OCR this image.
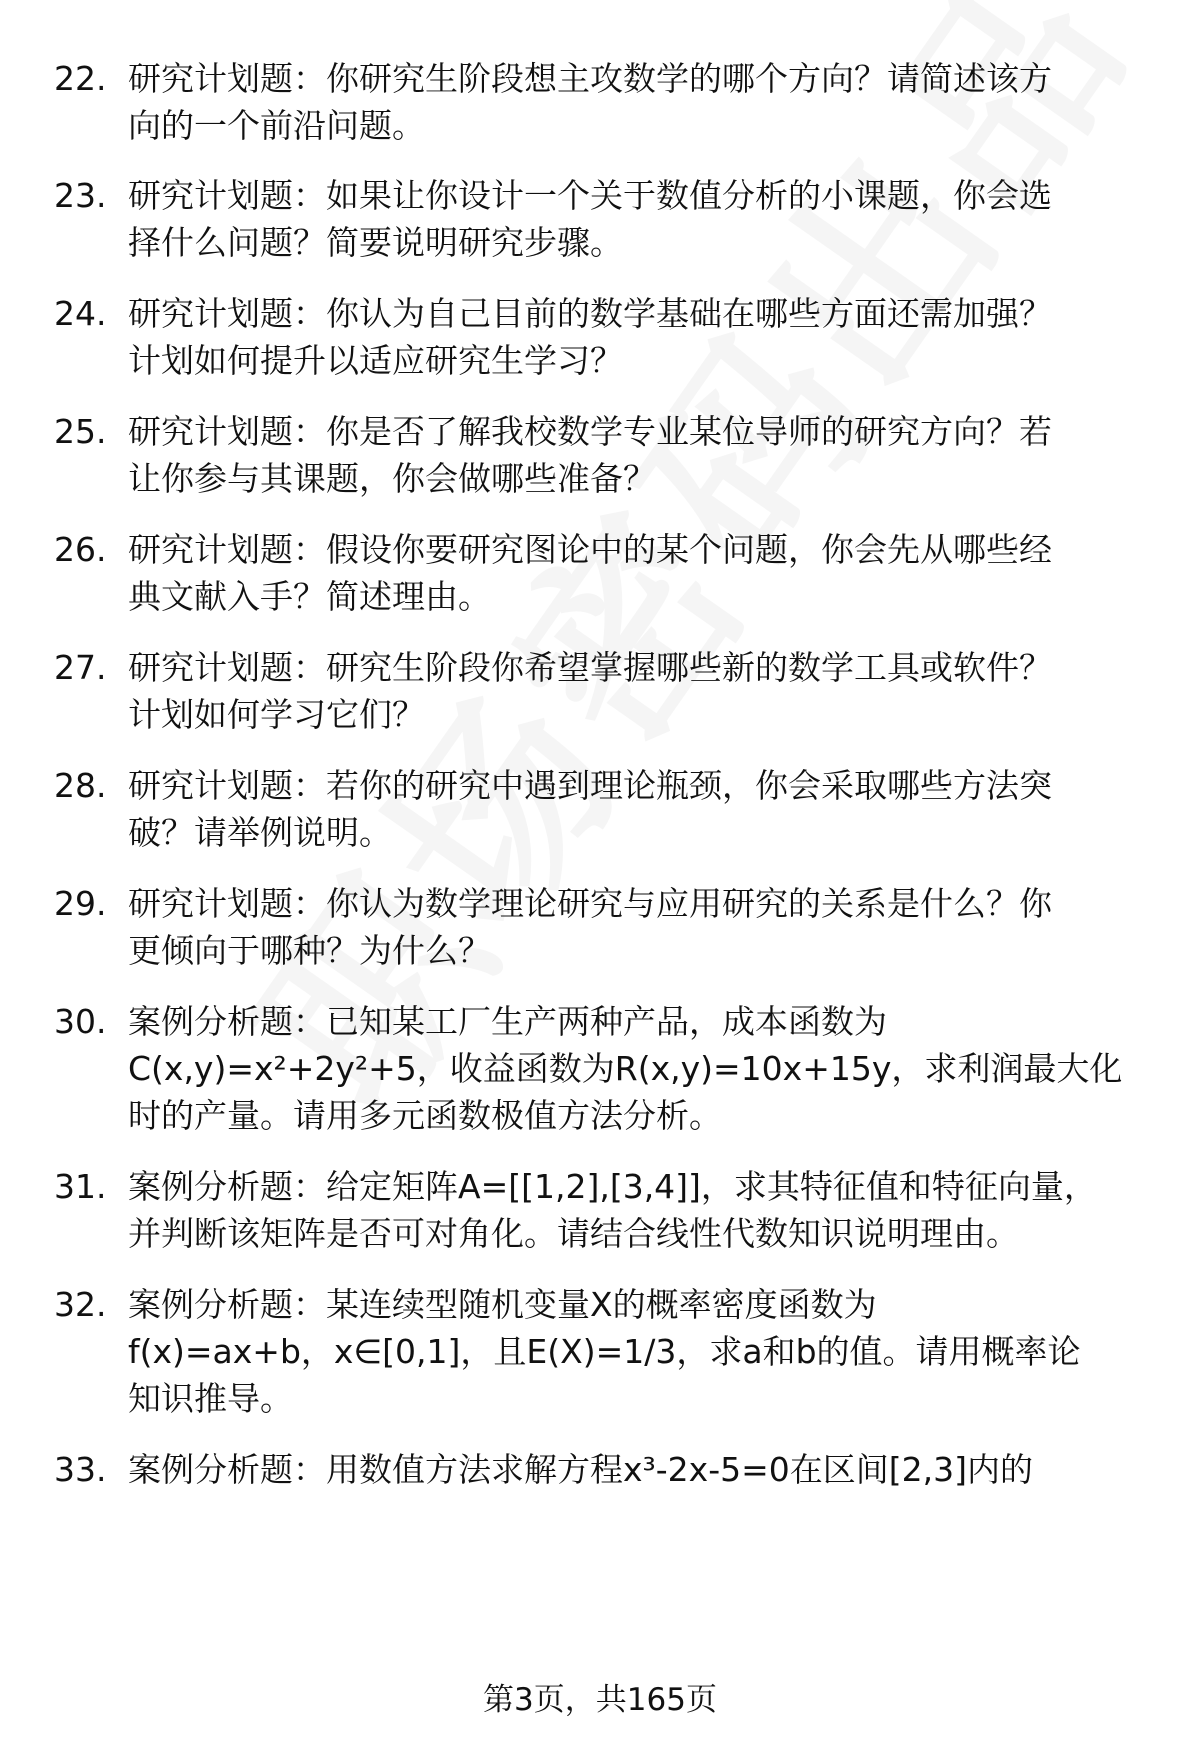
22. 研究计划题：你研究生阶段想主攻数学的哪个方向？请简述该方
向的一个前沿问题。
23. 研究计划题：如果让你设计一个关于数值分析的小课题，你会选
择什么问题？简要说明研究步骤。
24. 研究计划题：你认为自己目前的数学基础在哪些方面还需加强？
计划如何提升以适应研究生学习？
25. 研究计划题：你是否了解我校数学专业某位导师的研究方向？若
让你参与其课题，你会做哪些准备？
26. 研究计划题：假设你要研究图论中的某个问题，你会先从哪些经
典文献入手？简述理由。
27. 研究计划题：研究生阶段你希望掌握哪些新的数学工具或软件？
计划如何学习它们？
28. 研究计划题：若你的研究中遇到理论瓶颈，你会采取哪些方法突
破？请举例说明。
29. 研究计划题：你认为数学理论研究与应用研究的关系是什么？你
更倾向于哪种？为什么？
30. 案例分析题：已知某工厂生产两种产品，成本函数为
C(x,y)=x²+2y²+5，收益函数为R(x,y)=10x+15y，求利润最大化
时的产量。请用多元函数极值方法分析。
31. 案例分析题：给定矩阵A=[[1,2],[3,4]]，求其特征值和特征向量，
并判断该矩阵是否可对角化。请结合线性代数知识说明理由。
32. 案例分析题：某连续型随机变量X的概率密度函数为
f(x)=ax+b，x∈[0,1]，且E(X)=1/3，求a和b的值。请用概率论
知识推导。
33. 案例分析题：用数值方法求解方程x³-2x-5=0在区间[2,3]内的
第3页，共165页
